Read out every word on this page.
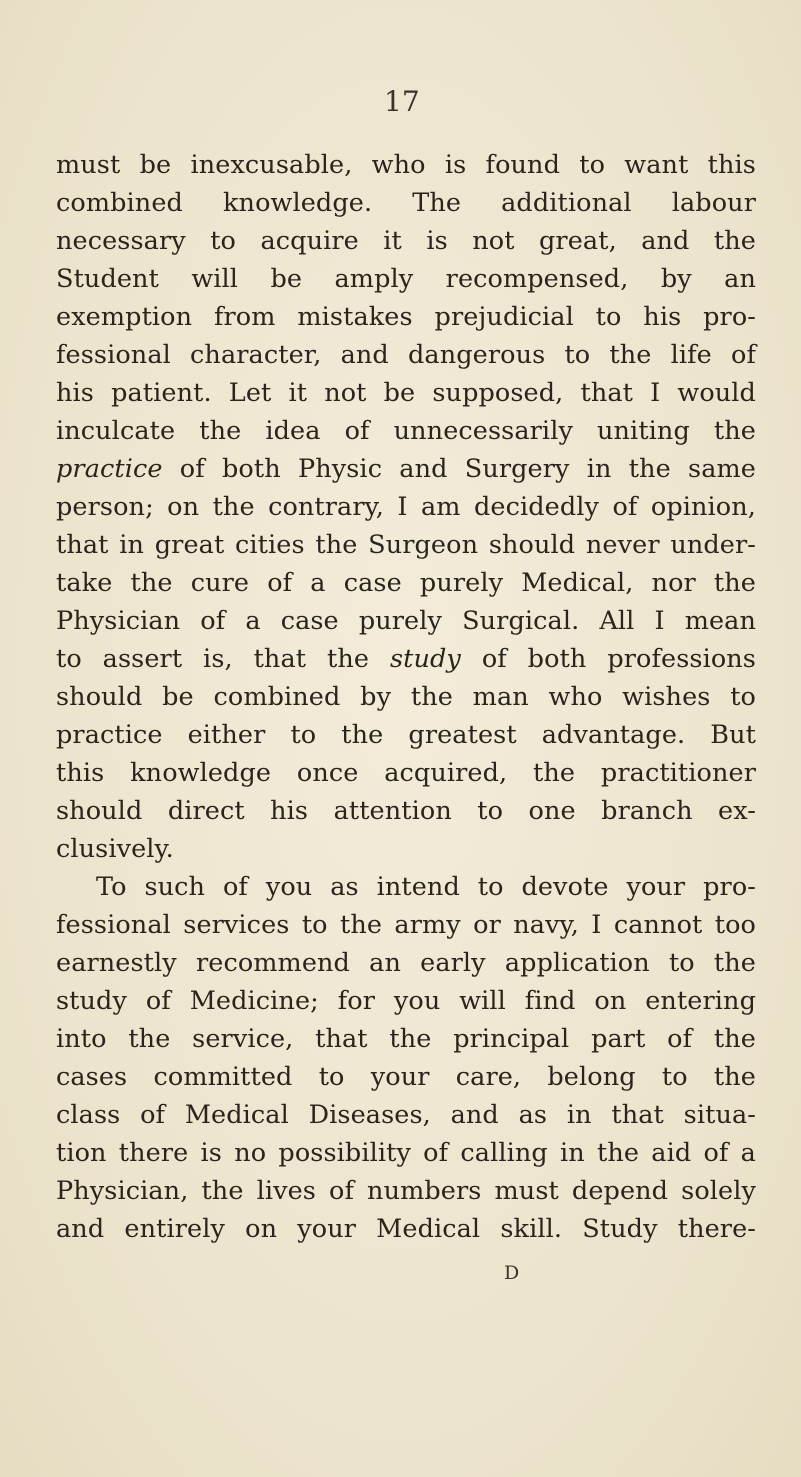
17
must be inexcusable, who is found to want this
combined knowledge. The additional labour
necessary to acquire it is not great, and the
Student will be amply recompensed, by an
exemption from mistakes prejudicial to his pro-
fessional character, and dangerous to the life of
his patient. Let it not be supposed, that I would
inculcate the idea of unnecessarily uniting the
practice of both Physic and Surgery in the same
person; on the contrary, I am decidedly of opinion,
that in great cities the Surgeon should never under-
take the cure of a case purely Medical, nor the
Physician of a case purely Surgical. All I mean
to assert is, that the study of both professions
should be combined by the man who wishes to
practice either to the greatest advantage. But
this knowledge once acquired, the practitioner
should direct his attention to one branch ex-
clusively.
To such of you as intend to devote your pro-
fessional services to the army or navy, I cannot too
earnestly recommend an early application to the
study of Medicine; for you will find on entering
into the service, that the principal part of the
cases committed to your care, belong to the
class of Medical Diseases, and as in that situa-
tion there is no possibility of calling in the aid of a
Physician, the lives of numbers must depend solely
and entirely on your Medical skill. Study there-
D
